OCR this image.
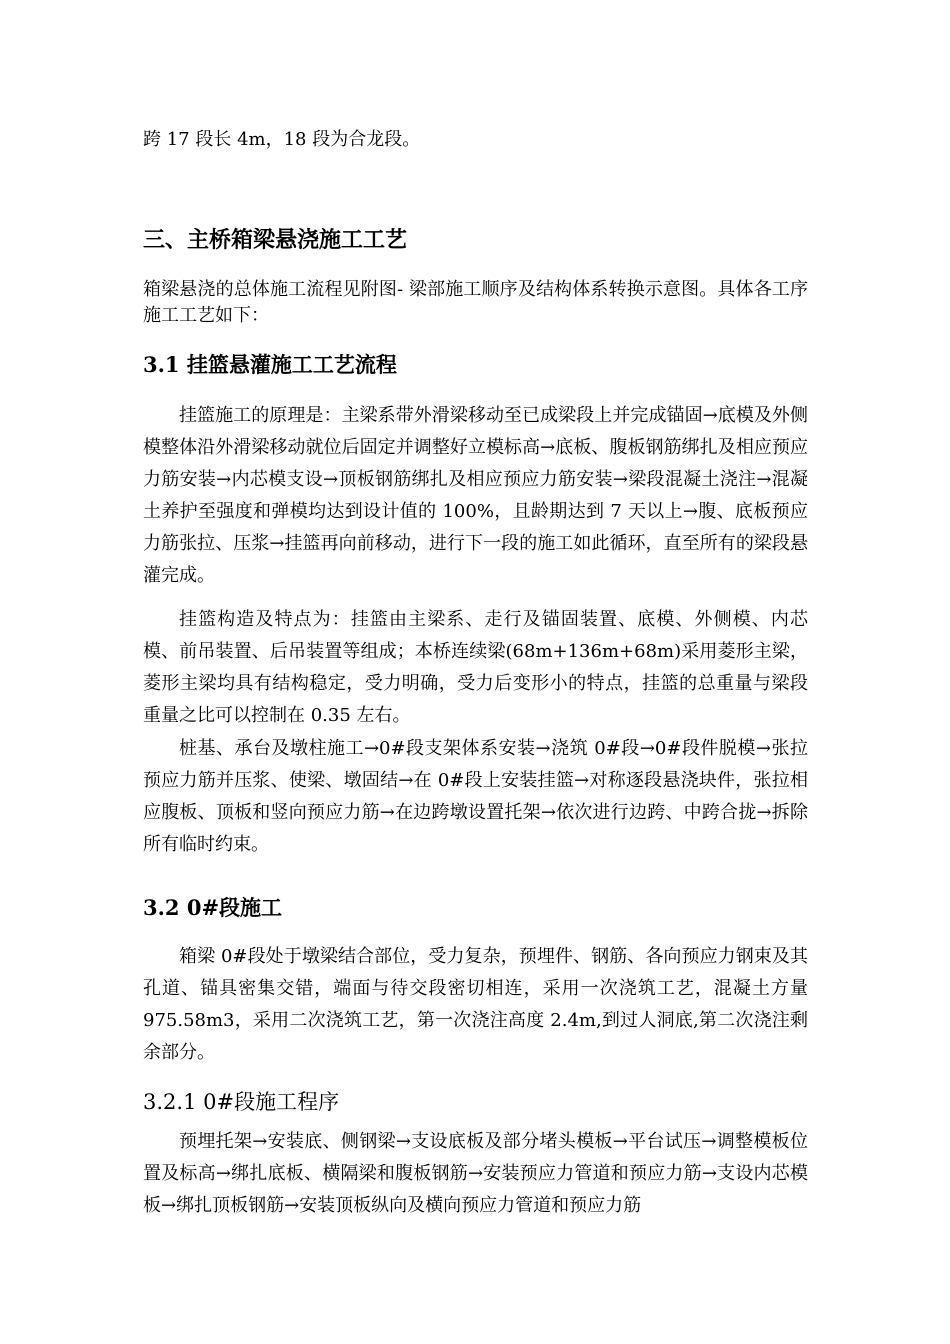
跨 17 段长 4m，18 段为合龙段。

三、主桥箱梁悬浇施工工艺

箱梁悬浇的总体施工流程见附图- 梁部施工顺序及结构体系转换示意图。具体各工序施工工艺如下：

3.1 挂篮悬灌施工工艺流程

挂篮施工的原理是：主梁系带外滑梁移动至已成梁段上并完成锚固→底模及外侧模整体沿外滑梁移动就位后固定并调整好立模标高→底板、腹板钢筋绑扎及相应预应力筋安装→内芯模支设→顶板钢筋绑扎及相应预应力筋安装→梁段混凝土浇注→混凝土养护至强度和弹模均达到设计值的 100%，且龄期达到 7 天以上→腹、底板预应力筋张拉、压浆→挂篮再向前移动，进行下一段的施工如此循环，直至所有的梁段悬灌完成。

挂篮构造及特点为：挂篮由主梁系、走行及锚固装置、底模、外侧模、内芯模、前吊装置、后吊装置等组成；本桥连续梁(68m+136m+68m)采用菱形主梁，菱形主梁均具有结构稳定，受力明确，受力后变形小的特点，挂篮的总重量与梁段重量之比可以控制在 0.35 左右。

桩基、承台及墩柱施工→0#段支架体系安装→浇筑 0#段→0#段件脱模→张拉预应力筋并压浆、使梁、墩固结→在 0#段上安装挂篮→对称逐段悬浇块件，张拉相应腹板、顶板和竖向预应力筋→在边跨墩设置托架→依次进行边跨、中跨合拢→拆除所有临时约束。

3.2 0#段施工

箱梁 0#段处于墩梁结合部位，受力复杂，预埋件、钢筋、各向预应力钢束及其孔道、锚具密集交错，端面与待交段密切相连，采用一次浇筑工艺，混凝土方量 975.58m3，采用二次浇筑工艺，第一次浇注高度 2.4m,到过人洞底,第二次浇注剩余部分。

3.2.1 0#段施工程序

预埋托架→安装底、侧钢梁→支设底板及部分堵头模板→平台试压→调整模板位置及标高→绑扎底板、横隔梁和腹板钢筋→安装预应力管道和预应力筋→支设内芯模板→绑扎顶板钢筋→安装顶板纵向及横向预应力管道和预应力筋
